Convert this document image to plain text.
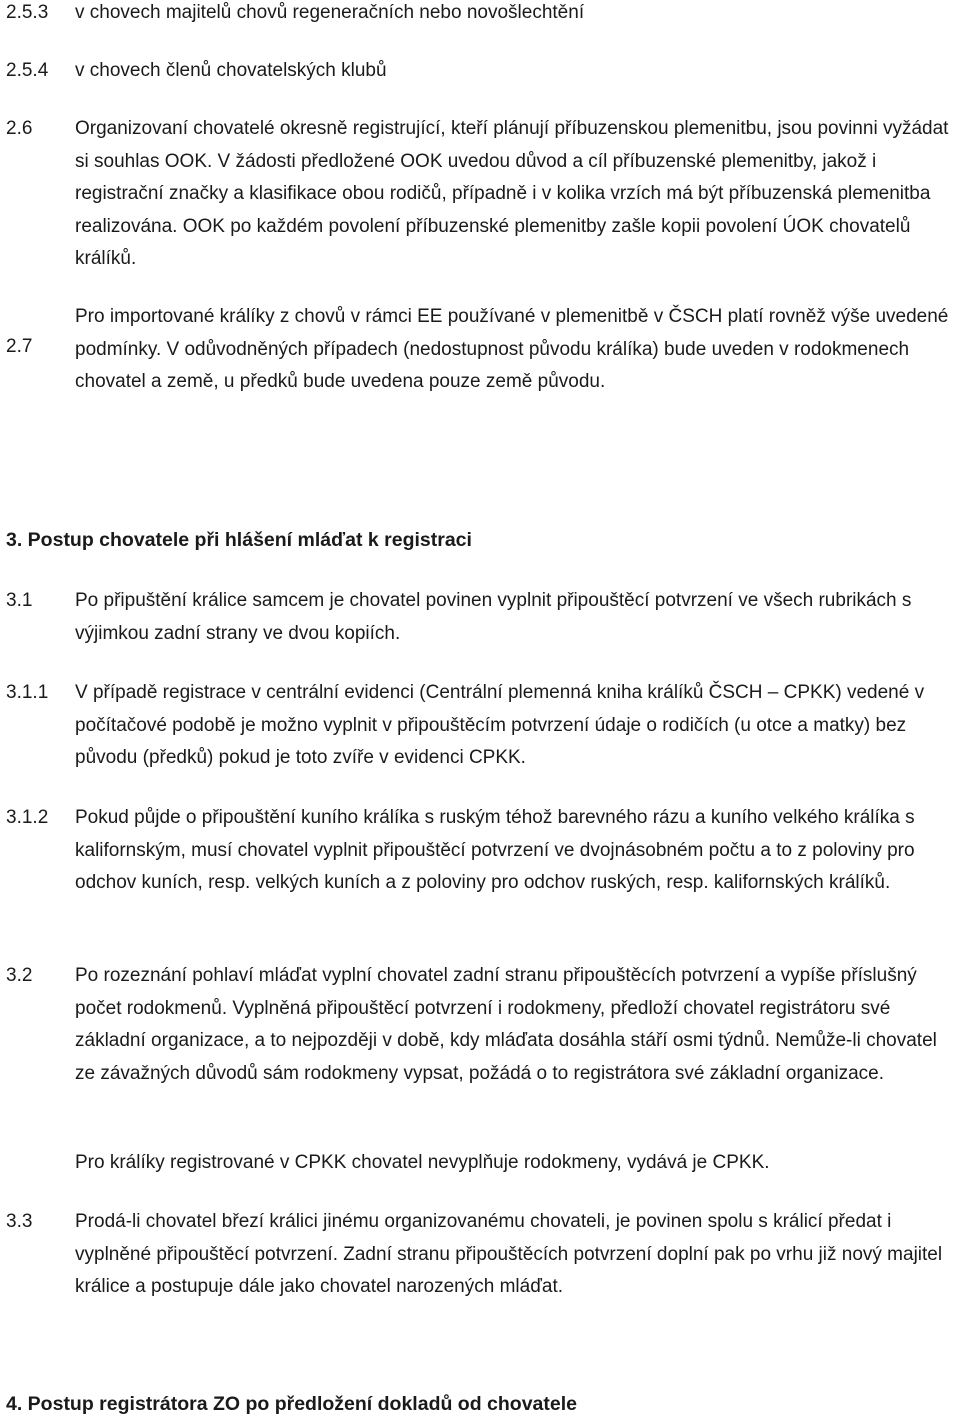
2.5.3 v chovech majitelů chovů regeneračních nebo novošlechtění
2.5.4 v chovech členů chovatelských klubů
2.6 Organizovaní chovatelé okresně registrující, kteří plánují příbuzenskou plemenitbu, jsou povinni vyžádat si souhlas OOK. V žádosti předložené OOK uvedou důvod a cíl příbuzenské plemenitby, jakož i registrační značky a klasifikace obou rodičů, případně i v kolika vrzích má být příbuzenská plemenitba realizována. OOK po každém povolení příbuzenské plemenitby zašle kopii povolení ÚOK chovatelů králíků.
2.7
Pro importované králíky z chovů v rámci EE používané v plemenitbě v ČSCH platí rovněž výše uvedené podmínky. V odůvodněných případech (nedostupnost původu králíka) bude uveden v rodokmenech chovatel a země, u předků bude uvedena pouze země původu.
3. Postup chovatele při hlášení mláďat k registraci
3.1 Po připuštění králice samcem je chovatel povinen vyplnit připouštěcí potvrzení ve všech rubrikách s výjimkou zadní strany ve dvou kopiích.
3.1.1 V případě registrace v centrální evidenci (Centrální plemenná kniha králíků ČSCH – CPKK) vedené v počítačové podobě je možno vyplnit v připouštěcím potvrzení údaje o rodičích (u otce a matky) bez původu (předků) pokud je toto zvíře v evidenci CPKK.
3.1.2 Pokud půjde o připouštění kuního králíka s ruským téhož barevného rázu a kuního velkého králíka s kalifornským, musí chovatel vyplnit připouštěcí potvrzení ve dvojnásobném počtu a to z poloviny pro odchov kuních, resp. velkých kuních a z poloviny pro odchov ruských, resp. kalifornských králíků.
3.2 Po rozeznání pohlaví mláďat vyplní chovatel zadní stranu připouštěcích potvrzení a vypíše příslušný počet rodokmenů. Vyplněná připouštěcí potvrzení i rodokmeny, předloží chovatel registrátoru své základní organizace, a to nejpozději v době, kdy mláďata dosáhla stáří osmi týdnů. Nemůže-li chovatel ze závažných důvodů sám rodokmeny vypsat, požádá o to registrátora své základní organizace.
Pro králíky registrované v CPKK chovatel nevyplňuje rodokmeny, vydává je CPKK.
3.3 Prodá-li chovatel březí králici jinému organizovanému chovateli, je povinen spolu s králicí předat i vyplněné připouštěcí potvrzení. Zadní stranu připouštěcích potvrzení doplní pak po vrhu již nový majitel králice a postupuje dále jako chovatel narozených mláďat.
4. Postup registrátora ZO po předložení dokladů od chovatele
